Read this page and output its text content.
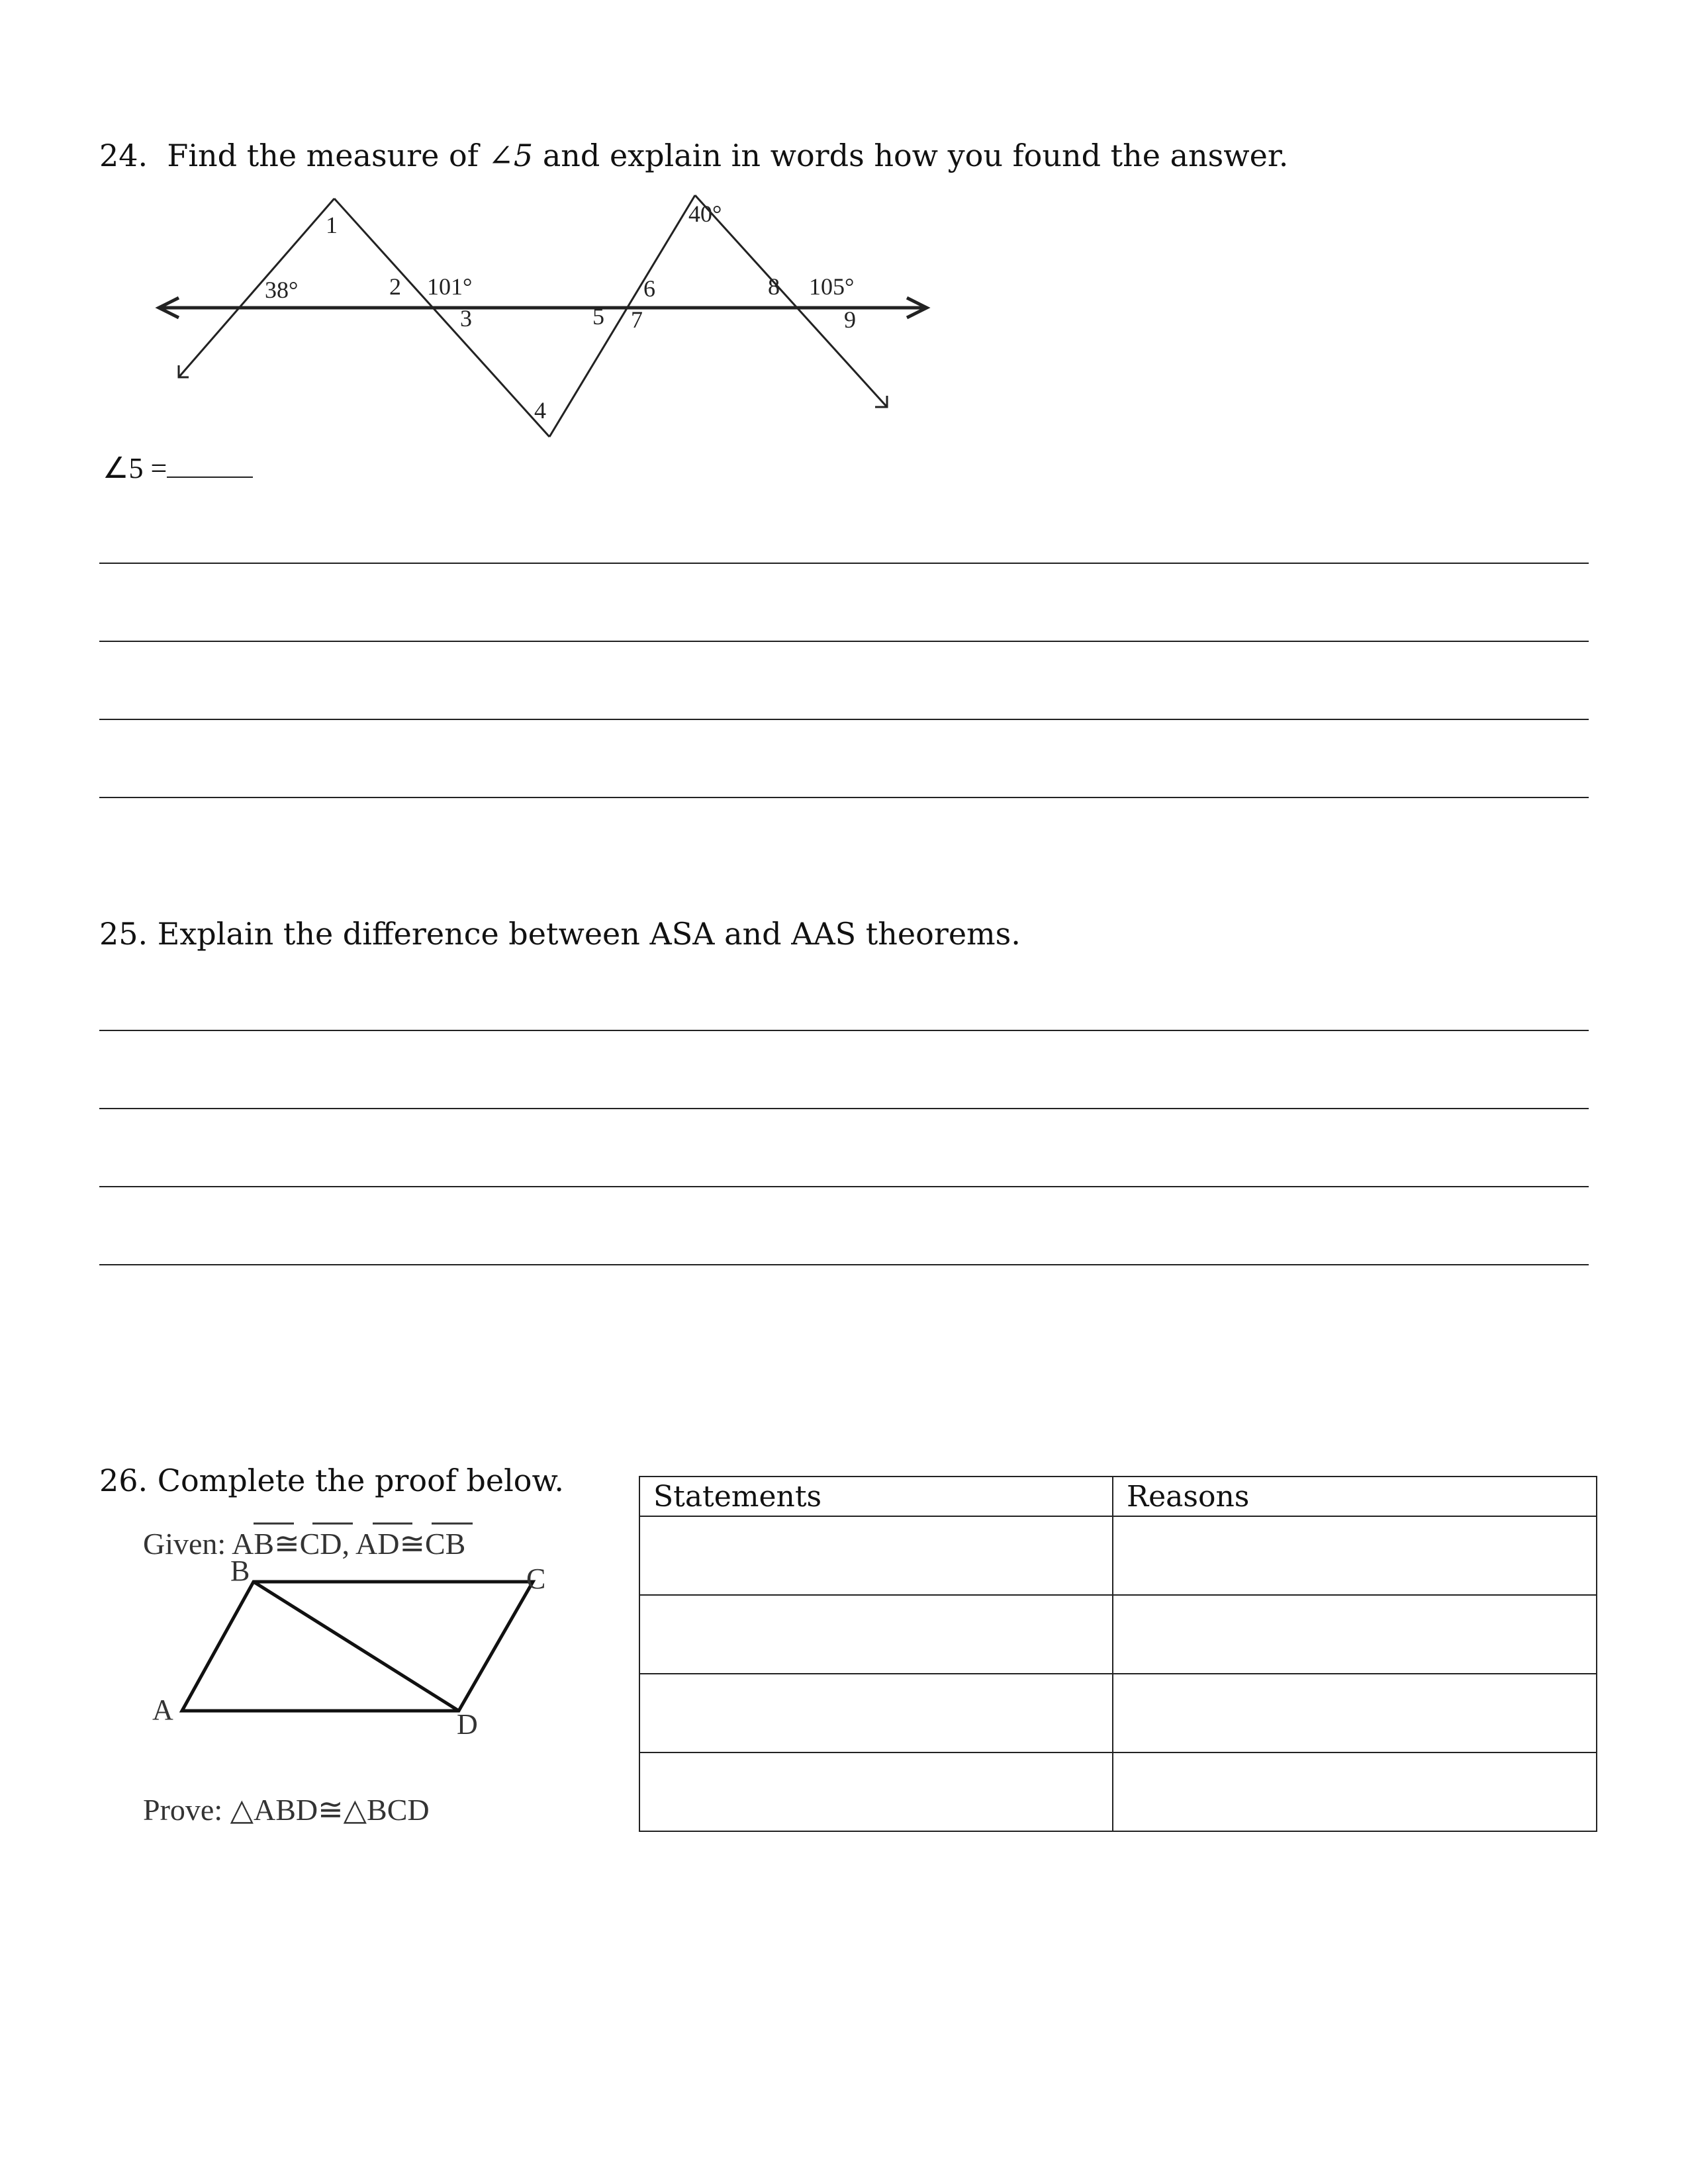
24. Find the measure of ∠5 and explain in words how you found the answer.
1
38°	2 101°
3
4
5
6
7
40°
8 105°
9
∠5 =
25. Explain the difference between ASA and AAS theorems.
26. Complete the proof below.
Given: AB≅CD, AD≅CB
A
B	C
D
Prove: △ABD≅△BCD
Statements	Reasons
